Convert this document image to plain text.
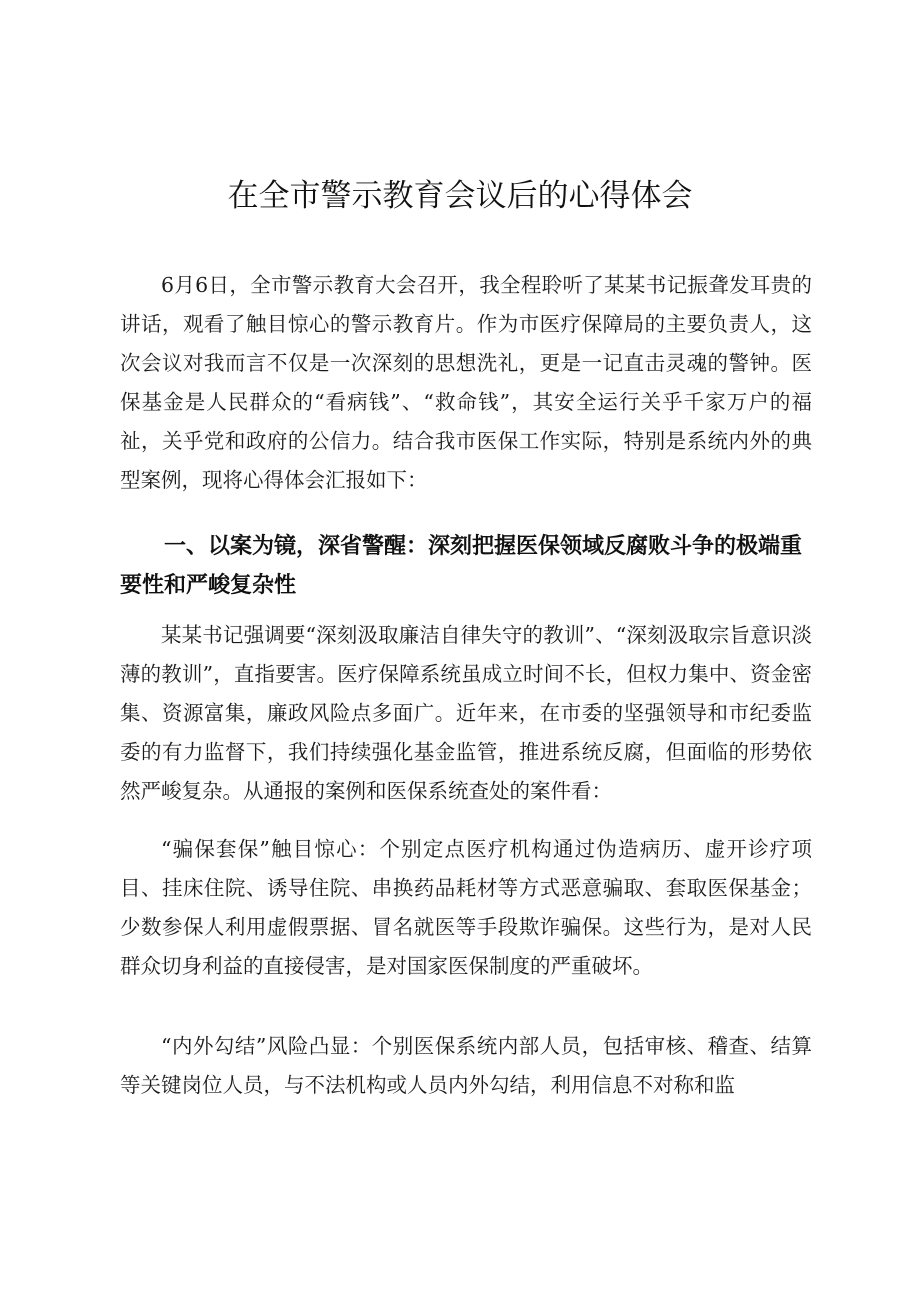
在全市警示教育会议后的心得体会

6月6日，全市警示教育大会召开，我全程聆听了某某书记振聋发耳贵的讲话，观看了触目惊心的警示教育片。作为市医疗保障局的主要负责人，这次会议对我而言不仅是一次深刻的思想洗礼，更是一记直击灵魂的警钟。医保基金是人民群众的“看病钱”、“救命钱”，其安全运行关乎千家万户的福祉，关乎党和政府的公信力。结合我市医保工作实际，特别是系统内外的典型案例，现将心得体会汇报如下：

一、以案为镜，深省警醒：深刻把握医保领域反腐败斗争的极端重要性和严峻复杂性

某某书记强调要“深刻汲取廉洁自律失守的教训”、“深刻汲取宗旨意识淡薄的教训”，直指要害。医疗保障系统虽成立时间不长，但权力集中、资金密集、资源富集，廉政风险点多面广。近年来，在市委的坚强领导和市纪委监委的有力监督下，我们持续强化基金监管，推进系统反腐，但面临的形势依然严峻复杂。从通报的案例和医保系统查处的案件看：

“骗保套保”触目惊心：个别定点医疗机构通过伪造病历、虚开诊疗项目、挂床住院、诱导住院、串换药品耗材等方式恶意骗取、套取医保基金；少数参保人利用虚假票据、冒名就医等手段欺诈骗保。这些行为，是对人民群众切身利益的直接侵害，是对国家医保制度的严重破坏。

“内外勾结”风险凸显：个别医保系统内部人员，包括审核、稽查、结算等关键岗位人员，与不法机构或人员内外勾结，利用信息不对称和监
